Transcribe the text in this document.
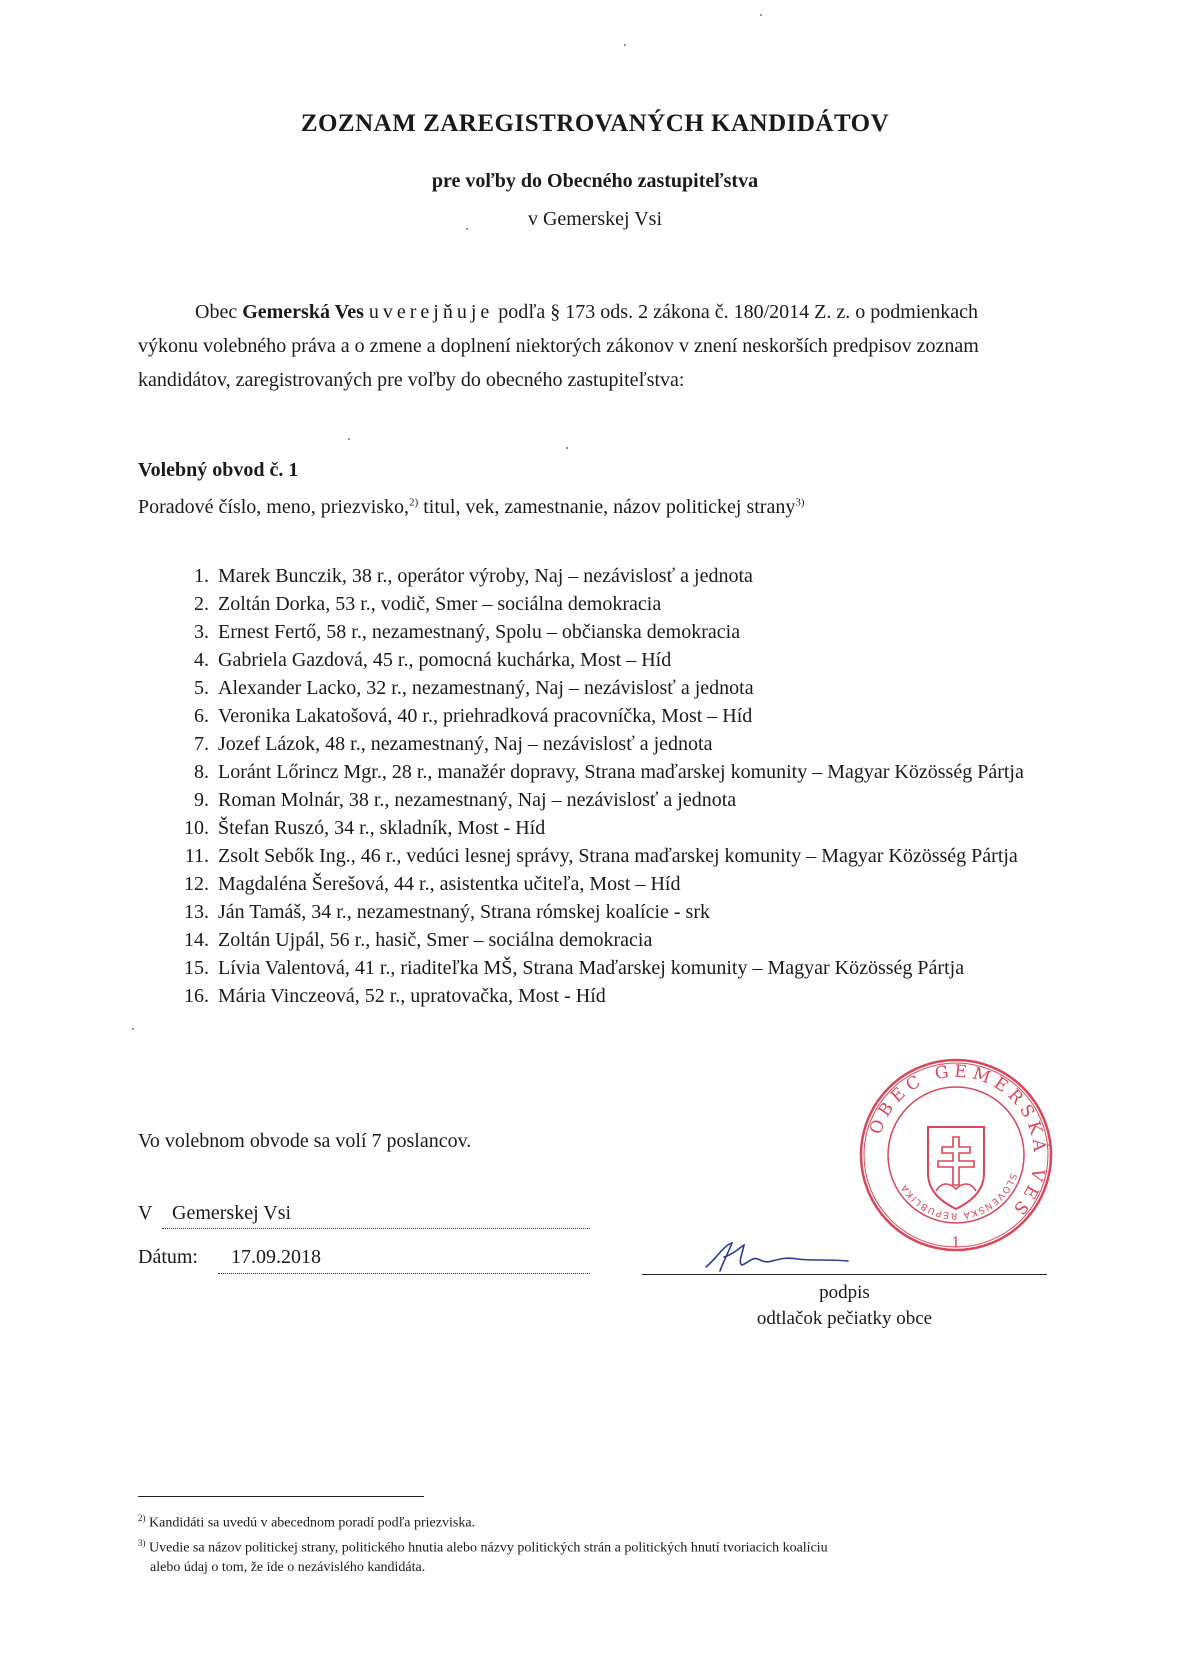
ZOZNAM ZAREGISTROVANÝCH KANDIDÁTOV
pre voľby do Obecného zastupiteľstva
v Gemerskej Vsi
Obec Gemerská Ves uverejňuje podľa § 173 ods. 2 zákona č. 180/2014 Z. z. o podmienkach výkonu volebného práva a o zmene a doplnení niektorých zákonov v znení neskorších predpisov zoznam kandidátov, zaregistrovaných pre voľby do obecného zastupiteľstva:
Volebný obvod č. 1
Poradové číslo, meno, priezvisko,$^{2)}$ titul, vek, zamestnanie, názov politickej strany$^{3)}$
1. Marek Bunczik, 38 r., operátor výroby, Naj – nezávislosť a jednota
2. Zoltán Dorka, 53 r., vodič, Smer – sociálna demokracia
3. Ernest Fertő, 58 r., nezamestnaný, Spolu – občianska demokracia
4. Gabriela Gazdová, 45 r., pomocná kuchárka, Most – Híd
5. Alexander Lacko, 32 r., nezamestnaný, Naj – nezávislosť a jednota
6. Veronika Lakatošová, 40 r., priehradková pracovníčka, Most – Híd
7. Jozef Lázok, 48 r., nezamestnaný, Naj – nezávislosť a jednota
8. Loránt Lőrincz Mgr., 28 r., manažér dopravy, Strana maďarskej komunity – Magyar Közösség Pártja
9. Roman Molnár, 38 r., nezamestnaný, Naj – nezávislosť a jednota
10. Štefan Ruszó, 34 r., skladník, Most - Híd
11. Zsolt Sebők Ing., 46 r., vedúci lesnej správy, Strana maďarskej komunity – Magyar Közösség Pártja
12. Magdaléna Šerešová, 44 r., asistentka učiteľa, Most – Híd
13. Ján Tamáš, 34 r., nezamestnaný, Strana rómskej koalície - srk
14. Zoltán Ujpál, 56 r., hasič, Smer – sociálna demokracia
15. Lívia Valentová, 41 r., riaditeľka MŠ, Strana Maďarskej komunity – Magyar Közösség Pártja
16. Mária Vinczeová, 52 r., upratovačka, Most - Híd
Vo volebnom obvode sa volí 7 poslancov.
V Gemerskej Vsi
Dátum:	17.09.2018
OBEC GEMERSKÁ VES
SLOVENSKÁ REPUBLIKA
1
podpis
odtlačok pečiatky obce
$^{2)}$ Kandidáti sa uvedú v abecednom poradí podľa priezviska.
$^{3)}$ Uvedie sa názov politickej strany, politického hnutia alebo názvy politických strán a politických hnutí tvoriacich koalíciu
alebo údaj o tom, že ide o nezávislého kandidáta.
